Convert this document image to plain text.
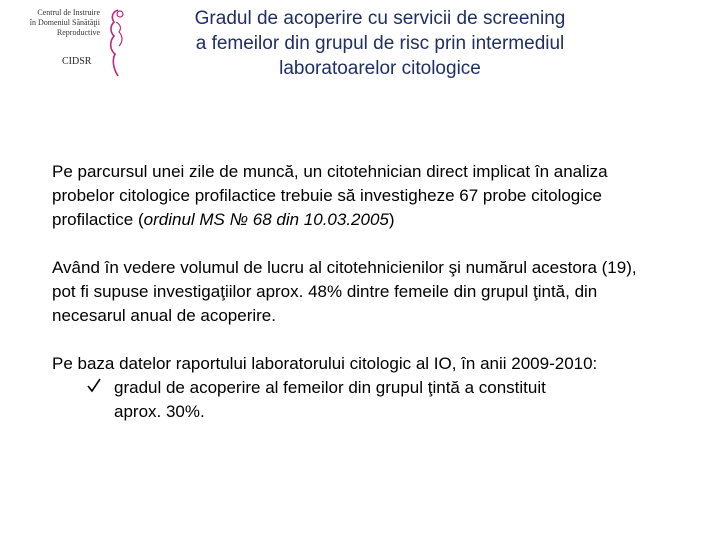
Centrul de Instruire
în Domeniul Sănătăţii
Reproductive
CIDSR
Gradul de acoperire cu servicii de screening
a femeilor din grupul de risc prin intermediul
laboratoarelor citologice

Pe parcursul unei zile de muncă, un citotehnician direct implicat în analiza probelor citologice profilactice trebuie să investigheze 67 probe citologice profilactice (ordinul MS № 68 din 10.03.2005)

Având în vedere volumul de lucru al citotehnicienilor şi numărul acestora (19), pot fi supuse investigaţiilor aprox. 48% dintre femeile din grupul ţintă, din necesarul anual de acoperire.

Pe baza datelor raportului laboratorului citologic al IO, în anii 2009-2010:
gradul de acoperire al femeilor din grupul ţintă a constituit
aprox. 30%.
